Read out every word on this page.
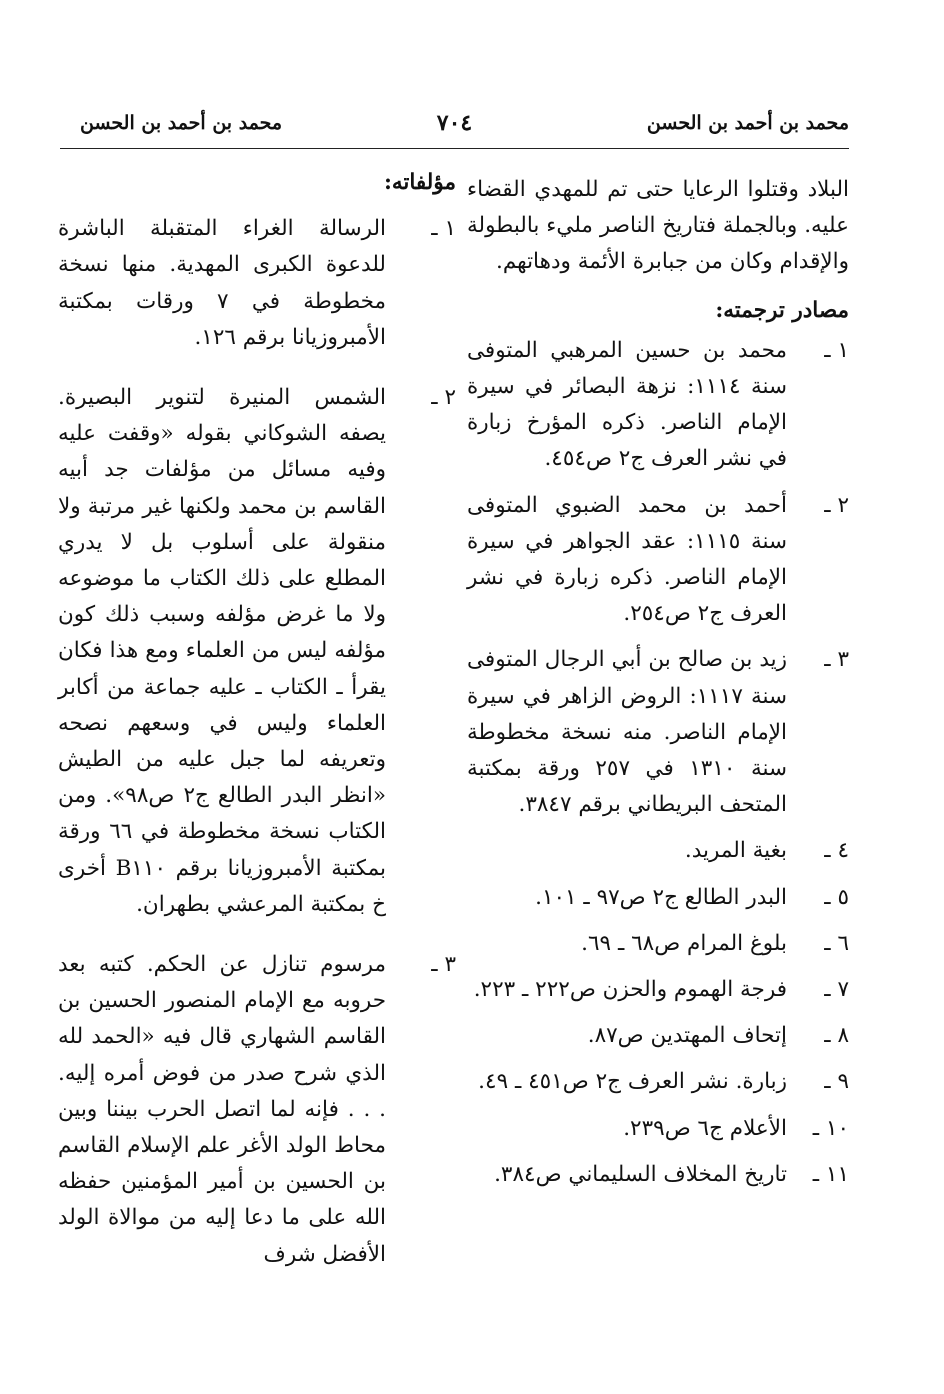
محمد بن أحمد بن الحسن
٧٠٤
محمد بن أحمد بن الحسن

البلاد وقتلوا الرعايا حتى تم للمهدي القضاء عليه. وبالجملة فتاريخ الناصر مليء بالبطولة والإقدام وكان من جبابرة الأئمة ودهاتهم.

مصادر ترجمته:
١ ـ
محمد بن حسين المرهبي المتوفى سنة ١١١٤: نزهة البصائر في سيرة الإمام الناصر. ذكره المؤرخ زبارة في نشر العرف ج٢ ص٤٥٤.
٢ ـ
أحمد بن محمد الضبوي المتوفى سنة ١١١٥: عقد الجواهر في سيرة الإمام الناصر. ذكره زبارة في نشر العرف ج٢ ص٢٥٤.
٣ ـ
زيد بن صالح بن أبي الرجال المتوفى سنة ١١١٧: الروض الزاهر في سيرة الإمام الناصر. منه نسخة مخطوطة سنة ١٣١٠ في ٢٥٧ ورقة بمكتبة المتحف البريطاني برقم ٣٨٤٧.
٤ ـ
بغية المريد.
٥ ـ
البدر الطالع ج٢ ص٩٧ ـ ١٠١.
٦ ـ
بلوغ المرام ص٦٨ ـ ٦٩.
٧ ـ
فرجة الهموم والحزن ص٢٢٢ ـ ٢٢٣.
٨ ـ
إتحاف المهتدين ص٨٧.
٩ ـ
زبارة. نشر العرف ج٢ ص٤٥١ ـ ٤٩.
١٠ ـ
الأعلام ج٦ ص٢٣٩.
١١ ـ
تاريخ المخلاف السليماني ص٣٨٤.
مؤلفاته:
١ ـ
الرسالة الغراء المتقبلة الباشرة للدعوة الكبرى المهدية. منها نسخة مخطوطة في ٧ ورقات بمكتبة الأمبروزيانا برقم ١٢٦.
٢ ـ
الشمس المنيرة لتنوير البصيرة. يصفه الشوكاني بقوله «وقفت عليه وفيه مسائل من مؤلفات جد أبيه القاسم بن محمد ولكنها غير مرتبة ولا منقولة على أسلوب بل لا يدري المطلع على ذلك الكتاب ما موضوعه ولا ما غرض مؤلفه وسبب ذلك كون مؤلفه ليس من العلماء ومع هذا فكان يقرأ ـ الكتاب ـ عليه جماعة من أكابر العلماء وليس في وسعهم نصحه وتعريفه لما جبل عليه من الطيش «انظر البدر الطالع ج٢ ص٩٨». ومن الكتاب نسخة مخطوطة في ٦٦ ورقة بمكتبة الأمبروزيانا برقم B١١٠ أخرى خ بمكتبة المرعشي بطهران.
٣ ـ
مرسوم تنازل عن الحكم. كتبه بعد حروبه مع الإمام المنصور الحسين بن القاسم الشهاري قال فيه «الحمد لله الذي شرح صدر من فوض أمره إليه. . . . فإنه لما اتصل الحرب بيننا وبين محاط الولد الأغر علم الإسلام القاسم بن الحسين بن أمير المؤمنين حفظه الله على ما دعا إليه من موالاة الولد الأفضل شرف
